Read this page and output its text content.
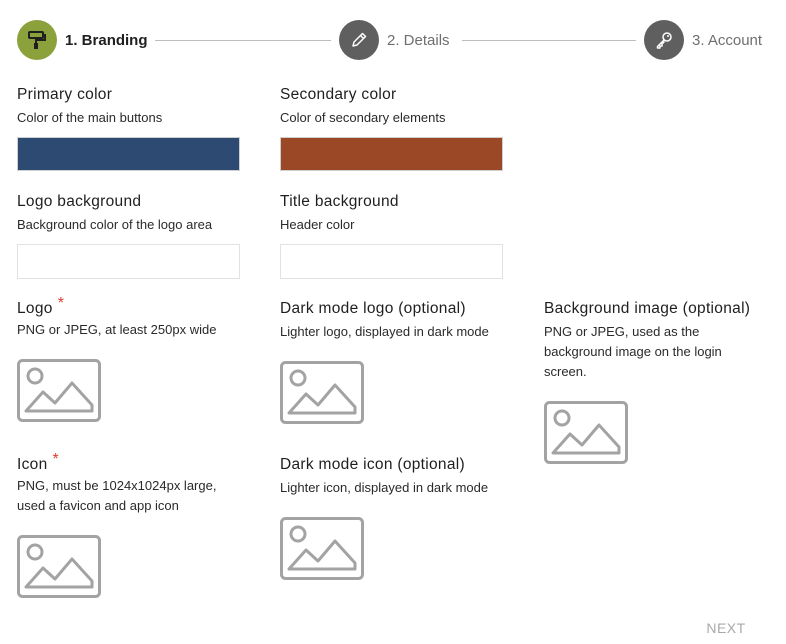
1. Branding	2. Details	3. Account
Primary color
Color of the main buttons
Secondary color
Color of secondary elements
Logo background
Background color of the logo area
Title background
Header color
Logo *
PNG or JPEG, at least 250px wide
Dark mode logo (optional)
Lighter logo, displayed in dark mode
Background image (optional)
PNG or JPEG, used as the background image on the login screen.
Icon *
PNG, must be 1024x1024px large, used a favicon and app icon
Dark mode icon (optional)
Lighter icon, displayed in dark mode
NEXT
